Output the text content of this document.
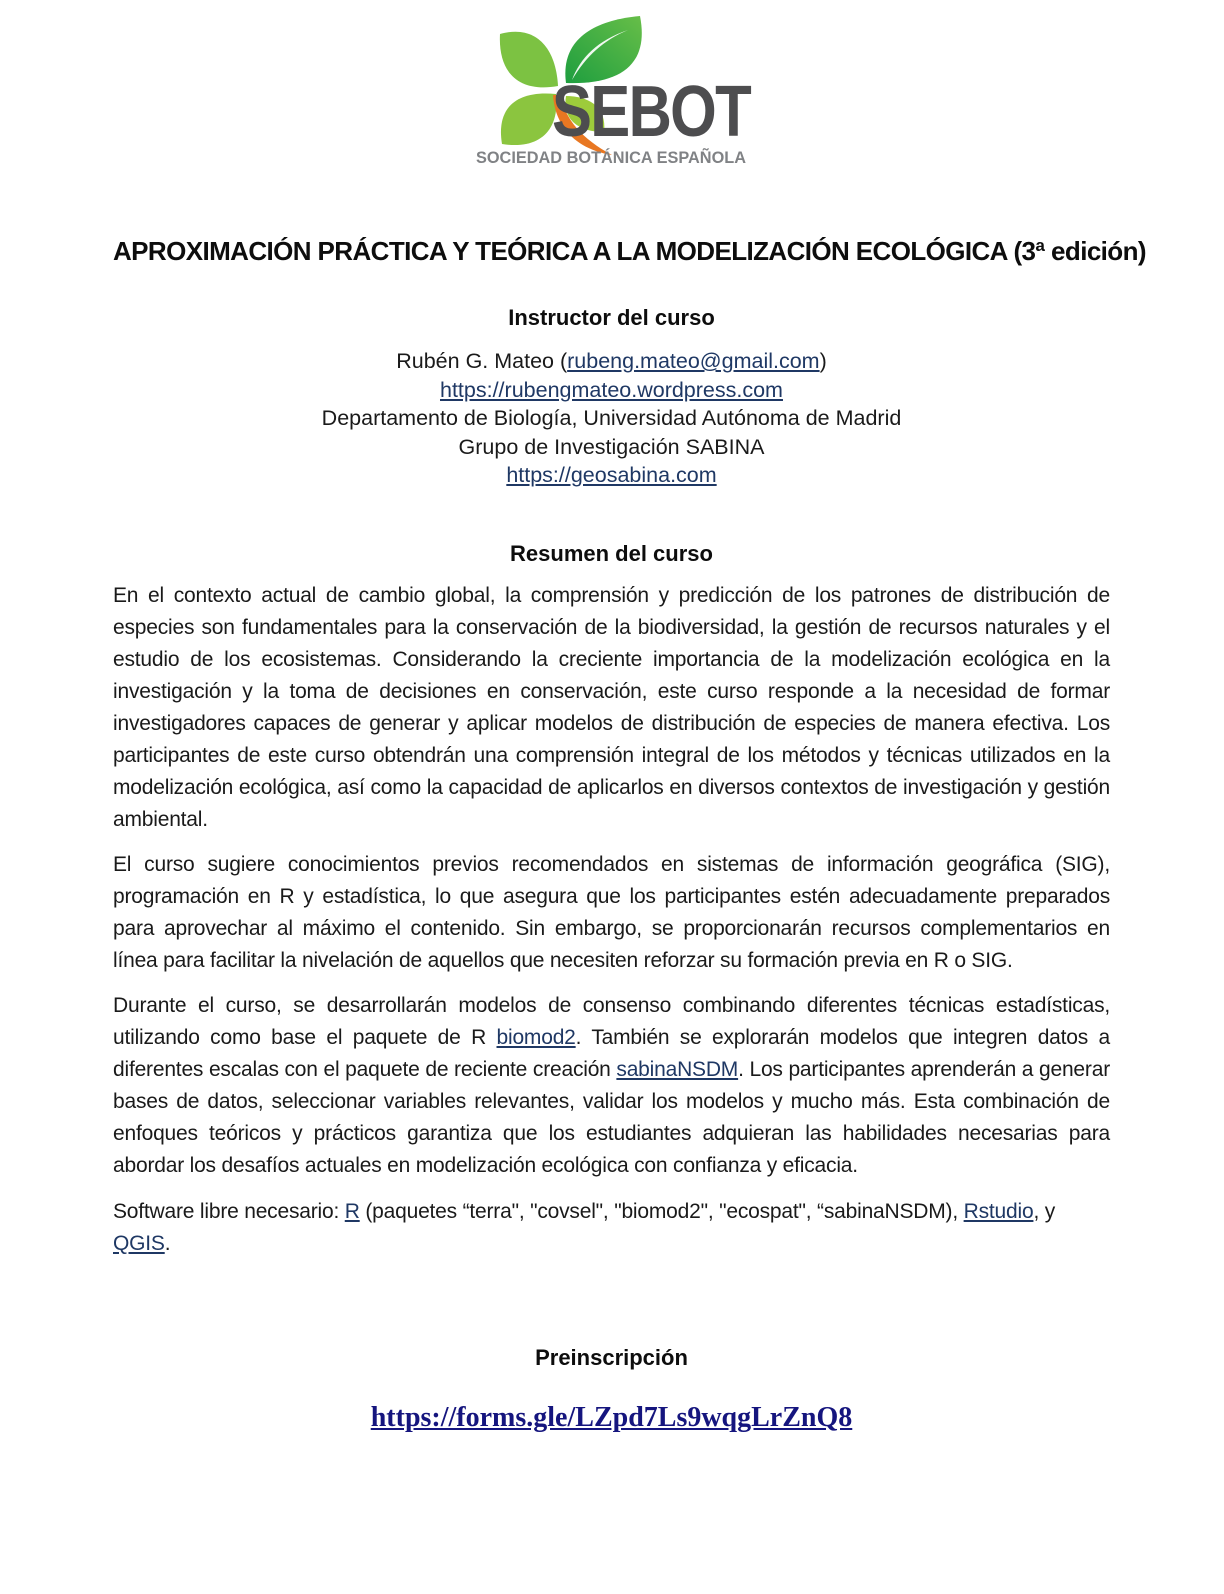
SEBOT
SOCIEDAD BOTÁNICA ESPAÑOLA
APROXIMACIÓN PRÁCTICA Y TEÓRICA A LA MODELIZACIÓN ECOLÓGICA (3ª edición)
Instructor del curso

Rubén G. Mateo (rubeng.mateo@gmail.com)

https://rubengmateo.wordpress.com

Departamento de Biología, Universidad Autónoma de Madrid

Grupo de Investigación SABINA

https://geosabina.com

Resumen del curso

En el contexto actual de cambio global, la comprensión y predicción de los patrones de distribución de especies son fundamentales para la conservación de la biodiversidad, la gestión de recursos naturales y el estudio de los ecosistemas. Considerando la creciente importancia de la modelización ecológica en la investigación y la toma de decisiones en conservación, este curso responde a la necesidad de formar investigadores capaces de generar y aplicar modelos de distribución de especies de manera efectiva. Los participantes de este curso obtendrán una comprensión integral de los métodos y técnicas utilizados en la modelización ecológica, así como la capacidad de aplicarlos en diversos contextos de investigación y gestión ambiental.

El curso sugiere conocimientos previos recomendados en sistemas de información geográfica (SIG), programación en R y estadística, lo que asegura que los participantes estén adecuadamente preparados para aprovechar al máximo el contenido. Sin embargo, se proporcionarán recursos complementarios en línea para facilitar la nivelación de aquellos que necesiten reforzar su formación previa en R o SIG.

Durante el curso, se desarrollarán modelos de consenso combinando diferentes técnicas estadísticas, utilizando como base el paquete de R biomod2. También se explorarán modelos que integren datos a diferentes escalas con el paquete de reciente creación sabinaNSDM. Los participantes aprenderán a generar bases de datos, seleccionar variables relevantes, validar los modelos y mucho más. Esta combinación de enfoques teóricos y prácticos garantiza que los estudiantes adquieran las habilidades necesarias para abordar los desafíos actuales en modelización ecológica con confianza y eficacia.

Software libre necesario: R (paquetes “terra", "covsel", "biomod2", "ecospat", “sabinaNSDM), Rstudio, y QGIS.

Preinscripción
https://forms.gle/LZpd7Ls9wqgLrZnQ8
